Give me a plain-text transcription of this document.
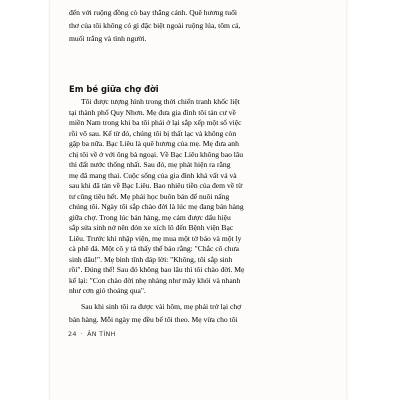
đến với ruộng đồng cò bay thẳng cánh. Quê hương tuổi
thơ của tôi không có gì đặc biệt ngoài ruộng lúa, tôm cá,
muối trắng và tình người.
Em bé giữa chợ đời
Tôi được tượng hình trong thời chiến tranh khốc liệt
tại thành phố Quy Nhơn. Mẹ đưa gia đình tôi tản cư về
miền Nam trong khi ba tôi phải ở lại sắp xếp một số việc
rồi vô sau. Kể từ đó, chúng tôi bị thất lạc và không còn
gặp ba nữa. Bạc Liêu là quê hương của mẹ. Mẹ đưa anh
chị tôi về ở với ông bà ngoại. Về Bạc Liêu không bao lâu
thì đất nước thống nhất. Sau đó, mẹ phát hiện ra rằng
mẹ đã mang thai. Cuộc sống của gia đình khá vất vả và
sau khi đã tản về Bạc Liêu. Bao nhiêu tiền của đem về từ
tư cũng tiêu hết. Mẹ phải học buôn bán để nuôi nấng
chúng tôi. Ngày tôi sắp chào đời là lúc mẹ đang bán hàng
giữa chợ. Trong lúc bán hàng, mẹ cảm được dấu hiệu
sắp sửa sinh nở nên đón xe xích lô đến Bệnh viện Bạc
Liêu. Trước khi nhập viện, mẹ mua một tờ báo và một ly
cà phê đá. Một cô y tá thấy thế bảo rằng: "Chắc cô chưa
sinh đâu!". Mẹ bình tĩnh đáp lời: "Không, tôi sắp sinh
rồi". Đúng thế! Sau đó không bao lâu thì tôi chào đời. Mẹ
kể lại: "Con chào đời nhẹ nhàng như mây khói và nhanh
như cơn gió thoảng qua".
24 · ÂN TÌNH
Sau khi sinh tôi ra được vài hôm, mẹ phải trở lại chợ
bán hàng. Mỗi ngày mẹ đều bế tôi theo. Mẹ vừa cho tôi
